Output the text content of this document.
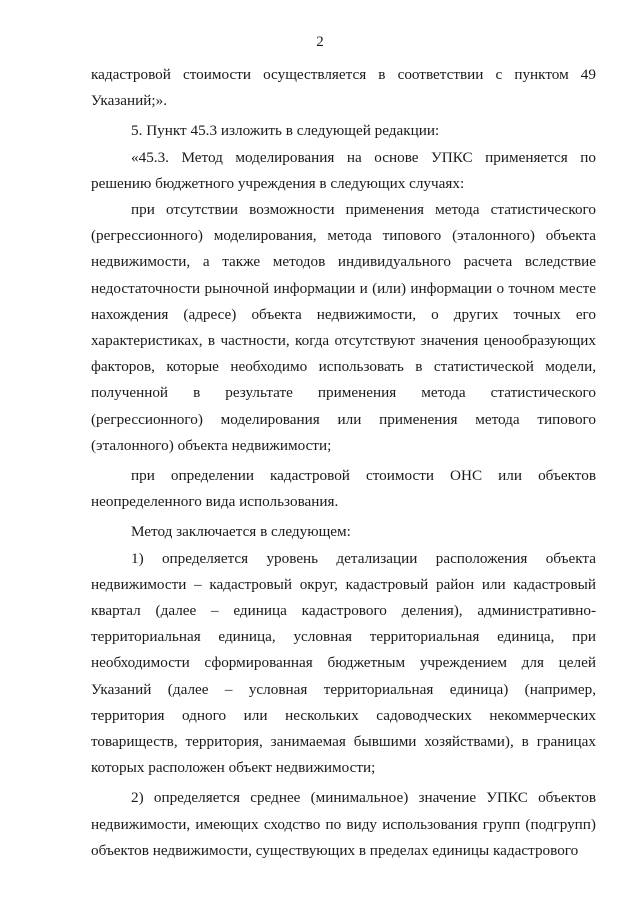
2

кадастровой стоимости осуществляется в соответствии с пунктом 49 Указаний;».

5. Пункт 45.3 изложить в следующей редакции:

«45.3. Метод моделирования на основе УПКС применяется по решению бюджетного учреждения в следующих случаях:

при отсутствии возможности применения метода статистического (регрессионного) моделирования, метода типового (эталонного) объекта недвижимости, а также методов индивидуального расчета вследствие недостаточности рыночной информации и (или) информации о точном месте нахождения (адресе) объекта недвижимости, о других точных его характеристиках, в частности, когда отсутствуют значения ценообразующих факторов, которые необходимо использовать в статистической модели, полученной в результате применения метода статистического (регрессионного) моделирования или применения метода типового (эталонного) объекта недвижимости;

при определении кадастровой стоимости ОНС или объектов неопределенного вида использования.

Метод заключается в следующем:

1) определяется уровень детализации расположения объекта недвижимости – кадастровый округ, кадастровый район или кадастровый квартал (далее – единица кадастрового деления), административно-территориальная единица, условная территориальная единица, при необходимости сформированная бюджетным учреждением для целей Указаний (далее – условная территориальная единица) (например, территория одного или нескольких садоводческих некоммерческих товариществ, территория, занимаемая бывшими хозяйствами), в границах которых расположен объект недвижимости;

2) определяется среднее (минимальное) значение УПКС объектов недвижимости, имеющих сходство по виду использования групп (подгрупп) объектов недвижимости, существующих в пределах единицы кадастрового
